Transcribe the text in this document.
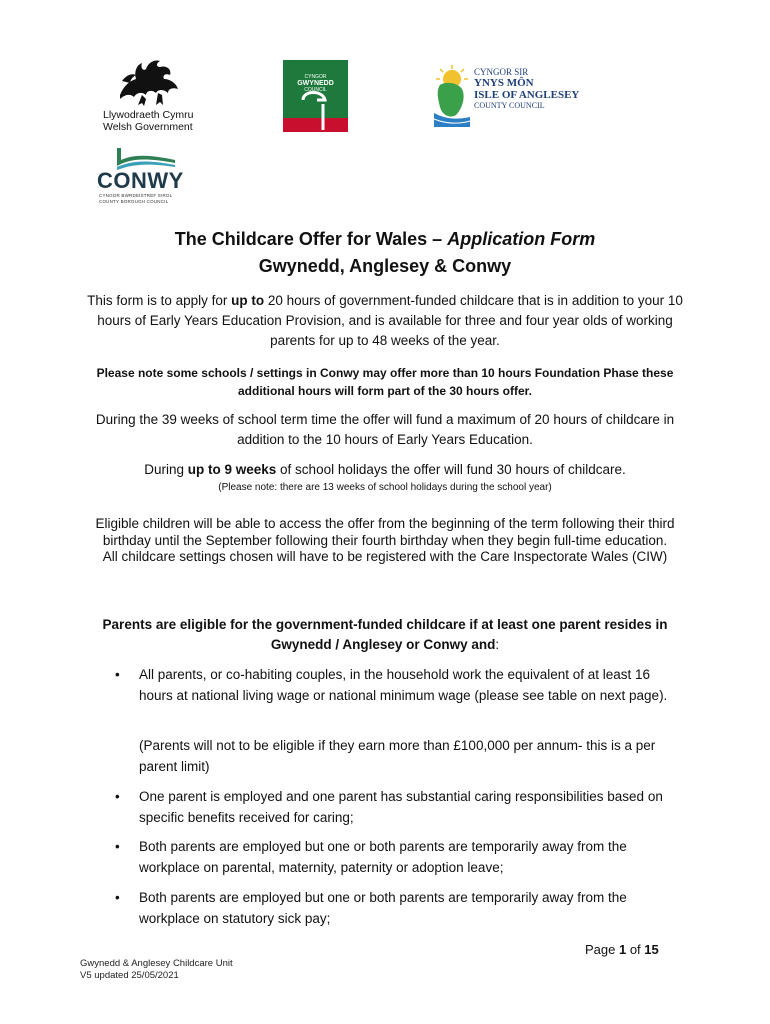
Llywodraeth Cymru
Welsh Government
CYNGOR
GWYNEDD
COUNCIL
CYNGOR SIR
YNYS MÔN
ISLE OF ANGLESEY
COUNTY COUNCIL
CONWY
CYNGOR BWRDEISTREF SIROL
COUNTY BOROUGH COUNCIL
The Childcare Offer for Wales – Application Form
Gwynedd, Anglesey & Conwy
This form is to apply for up to 20 hours of government-funded childcare that is in addition to your 10 hours of Early Years Education Provision, and is available for three and four year olds of working parents for up to 48 weeks of the year.
Please note some schools / settings in Conwy may offer more than 10 hours Foundation Phase these additional hours will form part of the 30 hours offer.
During the 39 weeks of school term time the offer will fund a maximum of 20 hours of childcare in addition to the 10 hours of Early Years Education.
During up to 9 weeks of school holidays the offer will fund 30 hours of childcare.
(Please note: there are 13 weeks of school holidays during the school year)
Eligible children will be able to access the offer from the beginning of the term following their third birthday until the September following their fourth birthday when they begin full-time education.
All childcare settings chosen will have to be registered with the Care Inspectorate Wales (CIW)
Parents are eligible for the government-funded childcare if at least one parent resides in Gwynedd / Anglesey or Conwy and:
• All parents, or co-habiting couples, in the household work the equivalent of at least 16 hours at national living wage or national minimum wage (please see table on next page).
(Parents will not to be eligible if they earn more than £100,000 per annum- this is a per parent limit)
• One parent is employed and one parent has substantial caring responsibilities based on specific benefits received for caring;
• Both parents are employed but one or both parents are temporarily away from the workplace on parental, maternity, paternity or adoption leave;
• Both parents are employed but one or both parents are temporarily away from the workplace on statutory sick pay;
Page 1 of 15
Gwynedd & Anglesey Childcare Unit
V5 updated 25/05/2021
